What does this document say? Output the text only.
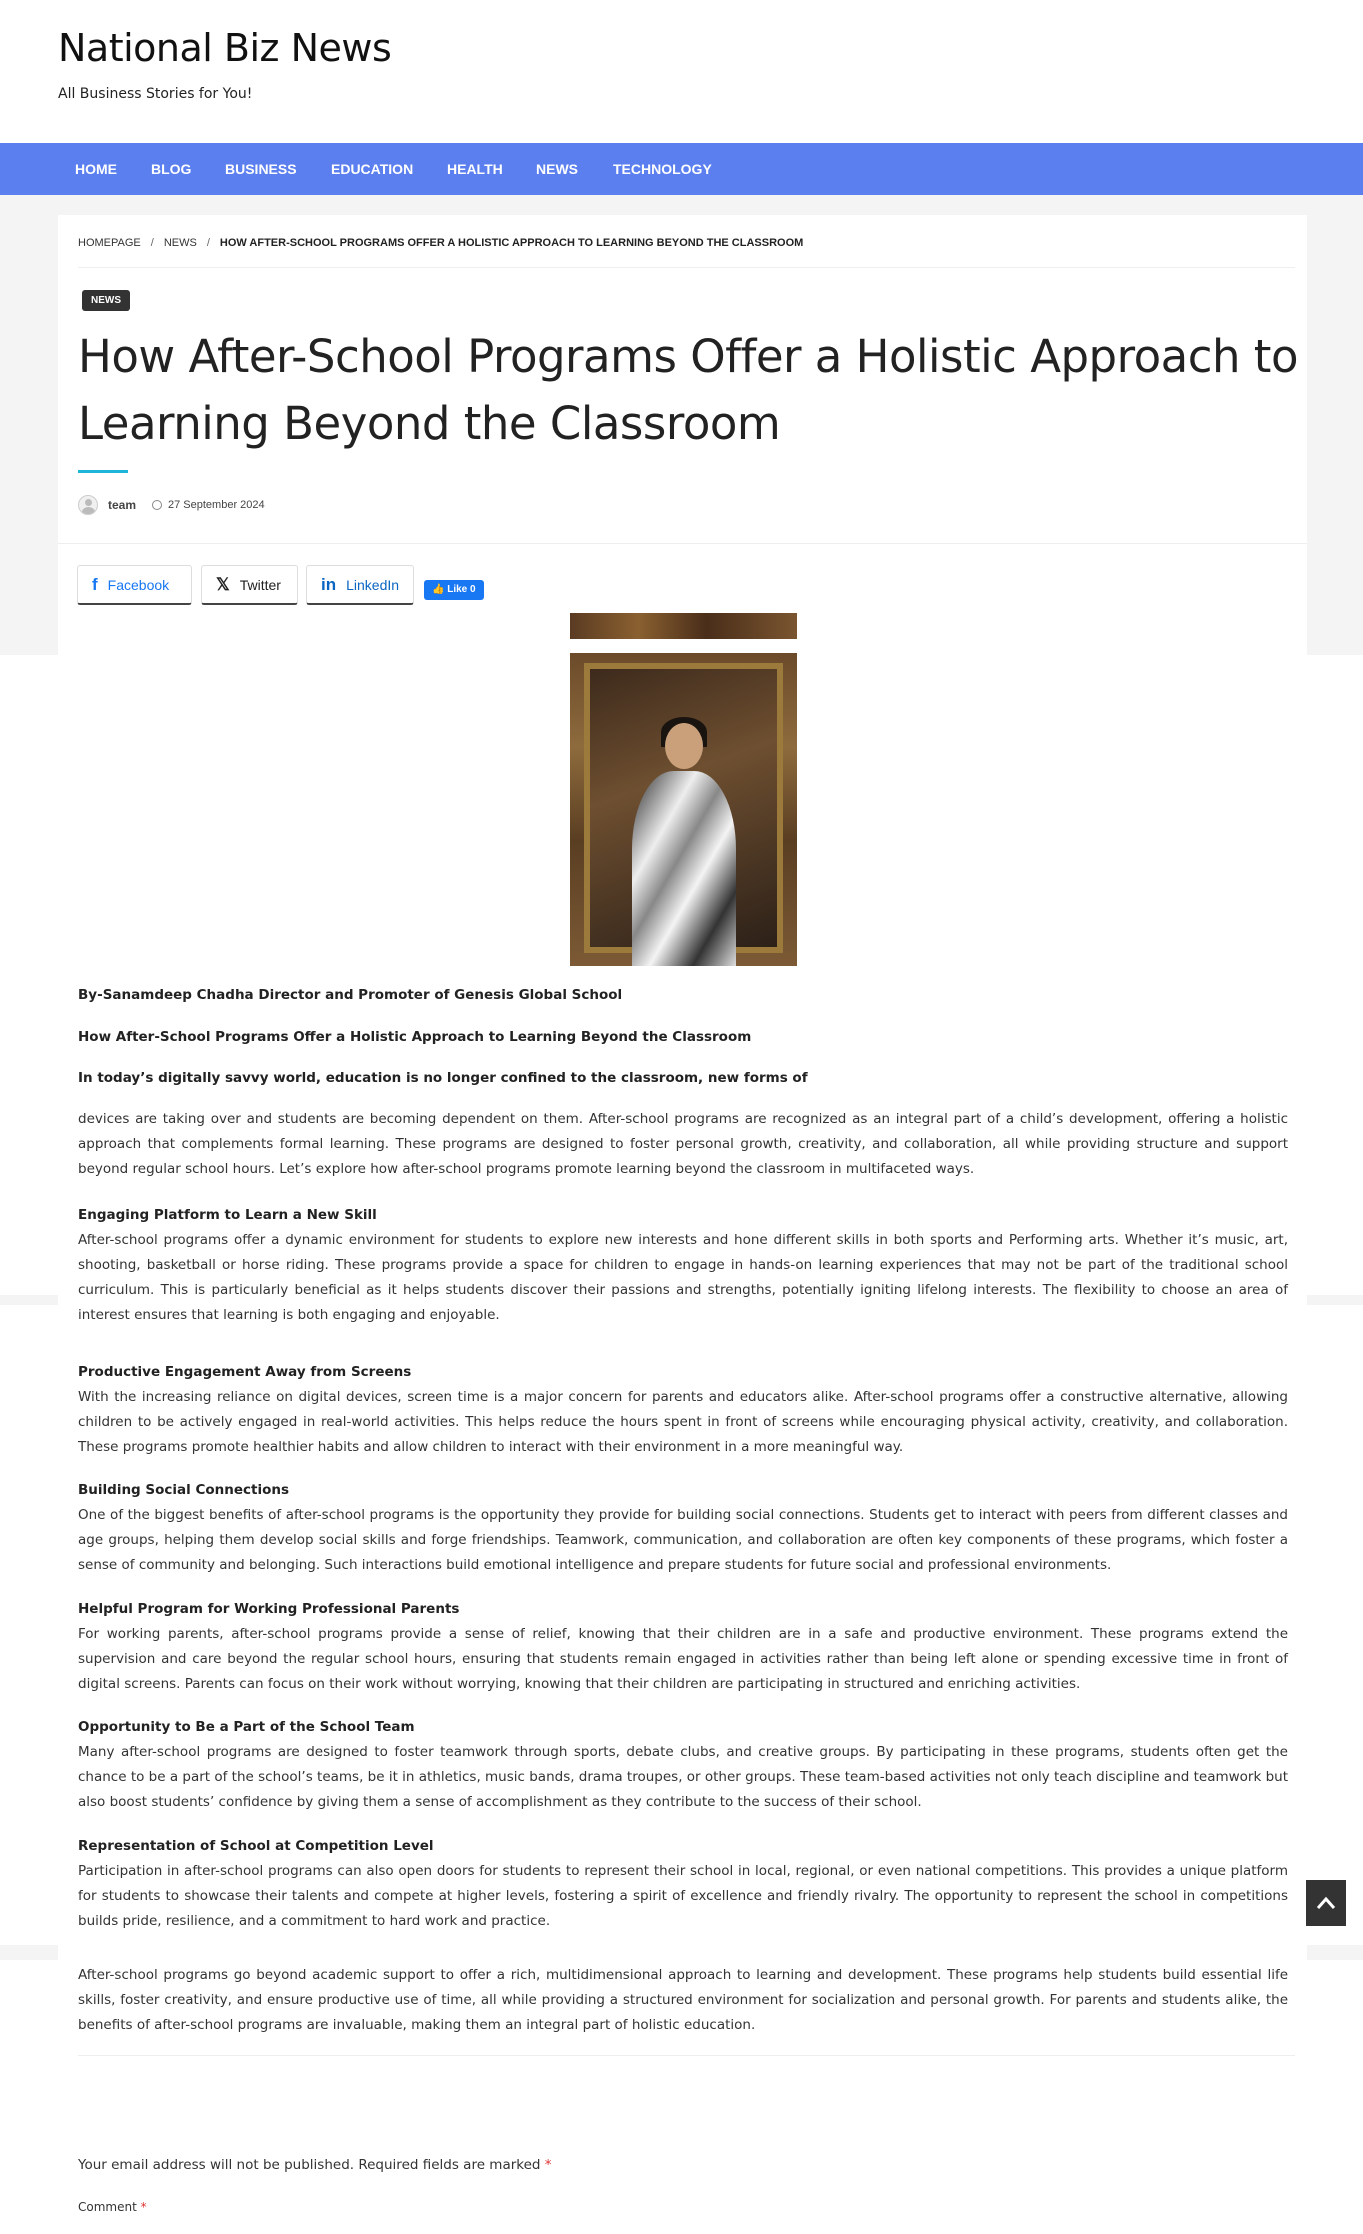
National Biz News
All Business Stories for You!
HOME BLOG BUSINESS EDUCATION HEALTH NEWS	TECHNOLOGY
HOMEPAGE / NEWS / HOW AFTER-SCHOOL PROGRAMS OFFER A HOLISTIC APPROACH TO LEARNING BEYOND THE CLASSROOM
NEWS
How After-School Programs Offer a Holistic Approach to Learning Beyond the Classroom
team	27 September 2024
f Facebook	𝕏 Twitter in LinkedIn	👍 Like 0

By-Sanamdeep Chadha Director and Promoter of Genesis Global School

How After-School Programs Offer a Holistic Approach to Learning Beyond the Classroom

In today’s digitally savvy world, education is no longer confined to the classroom, new forms of

devices are taking over and students are becoming dependent on them. After-school programs are recognized as an integral part of a child’s development, offering a holistic approach that complements formal learning. These programs are designed to foster personal growth, creativity, and collaboration, all while providing structure and support beyond regular school hours. Let’s explore how after-school programs promote learning beyond the classroom in multifaceted ways.

Engaging Platform to Learn a New Skill
After-school programs offer a dynamic environment for students to explore new interests and hone different skills in both sports and Performing arts. Whether it’s music, art, shooting, basketball or horse riding. These programs provide a space for children to engage in hands-on learning experiences that may not be part of the traditional school curriculum. This is particularly beneficial as it helps students discover their passions and strengths, potentially igniting lifelong interests. The flexibility to choose an area of interest ensures that learning is both engaging and enjoyable.
Productive Engagement Away from Screens
With the increasing reliance on digital devices, screen time is a major concern for parents and educators alike. After-school programs offer a constructive alternative, allowing children to be actively engaged in real-world activities. This helps reduce the hours spent in front of screens while encouraging physical activity, creativity, and collaboration. These programs promote healthier habits and allow children to interact with their environment in a more meaningful way.
Building Social Connections
One of the biggest benefits of after-school programs is the opportunity they provide for building social connections. Students get to interact with peers from different classes and age groups, helping them develop social skills and forge friendships. Teamwork, communication, and collaboration are often key components of these programs, which foster a sense of community and belonging. Such interactions build emotional intelligence and prepare students for future social and professional environments.
Helpful Program for Working Professional Parents
For working parents, after-school programs provide a sense of relief, knowing that their children are in a safe and productive environment. These programs extend the supervision and care beyond the regular school hours, ensuring that students remain engaged in activities rather than being left alone or spending excessive time in front of digital screens. Parents can focus on their work without worrying, knowing that their children are participating in structured and enriching activities.
Opportunity to Be a Part of the School Team
Many after-school programs are designed to foster teamwork through sports, debate clubs, and creative groups. By participating in these programs, students often get the chance to be a part of the school’s teams, be it in athletics, music bands, drama troupes, or other groups. These team-based activities not only teach discipline and teamwork but also boost students’ confidence by giving them a sense of accomplishment as they contribute to the success of their school.
Representation of School at Competition Level
Participation in after-school programs can also open doors for students to represent their school in local, regional, or even national competitions. This provides a unique platform for students to showcase their talents and compete at higher levels, fostering a spirit of excellence and friendly rivalry. The opportunity to represent the school in competitions builds pride, resilience, and a commitment to hard work and practice.

After-school programs go beyond academic support to offer a rich, multidimensional approach to learning and development. These programs help students build essential life skills, foster creativity, and ensure productive use of time, all while providing a structured environment for socialization and personal growth. For parents and students alike, the benefits of after-school programs are invaluable, making them an integral part of holistic education.

Your email address will not be published. Required fields are marked *
Comment *
